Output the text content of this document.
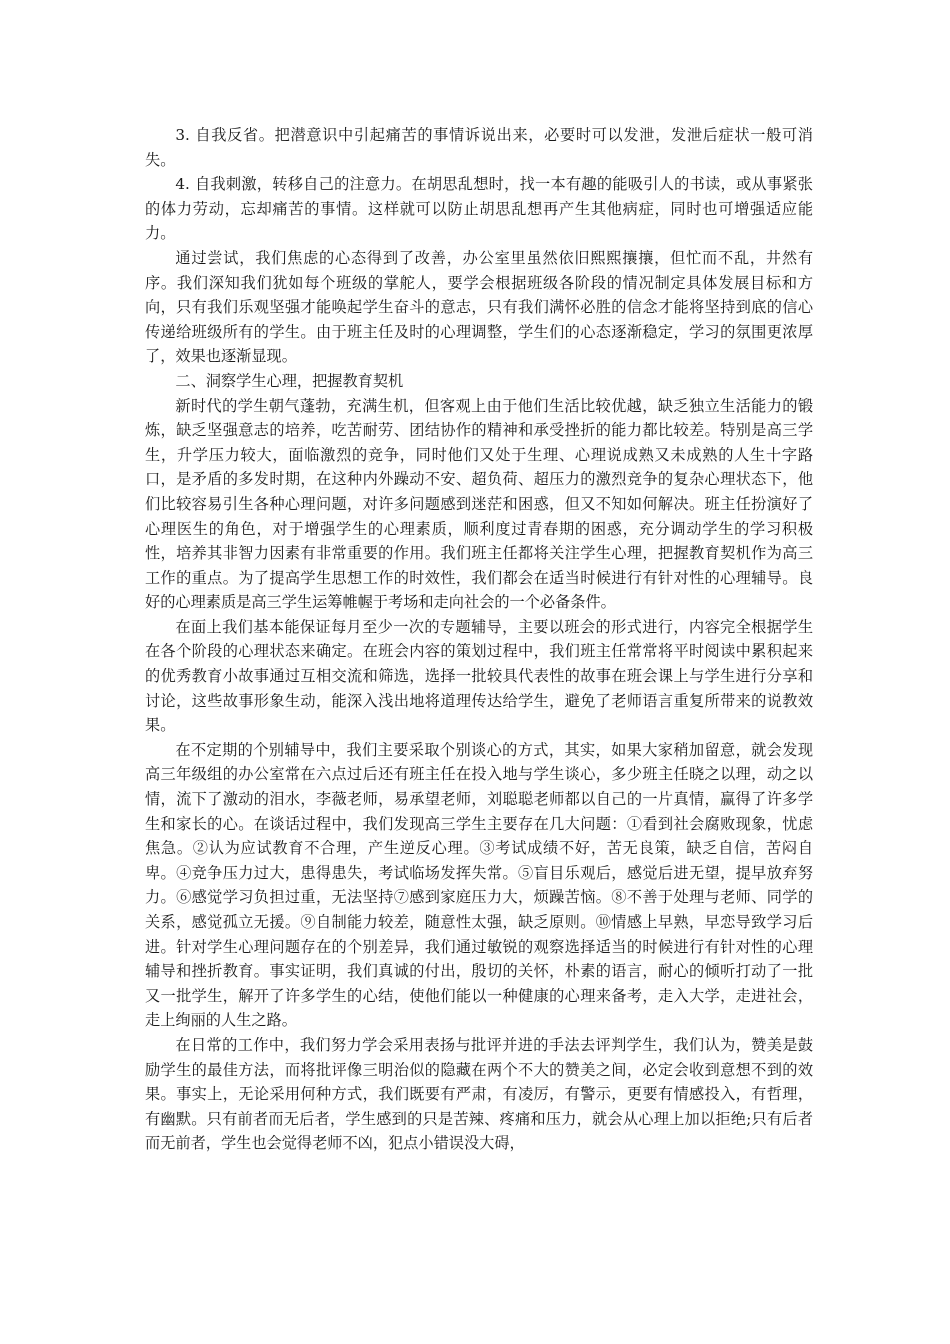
3. 自我反省。把潜意识中引起痛苦的事情诉说出来，必要时可以发泄，发泄后症状一般可消失。

4. 自我刺激，转移自己的注意力。在胡思乱想时，找一本有趣的能吸引人的书读，或从事紧张的体力劳动，忘却痛苦的事情。这样就可以防止胡思乱想再产生其他病症，同时也可增强适应能力。

通过尝试，我们焦虑的心态得到了改善，办公室里虽然依旧熙熙攘攘，但忙而不乱，井然有序。我们深知我们犹如每个班级的掌舵人，要学会根据班级各阶段的情况制定具体发展目标和方向，只有我们乐观坚强才能唤起学生奋斗的意志，只有我们满怀必胜的信念才能将坚持到底的信心传递给班级所有的学生。由于班主任及时的心理调整，学生们的心态逐渐稳定，学习的氛围更浓厚了，效果也逐渐显现。

二、洞察学生心理，把握教育契机

新时代的学生朝气蓬勃，充满生机，但客观上由于他们生活比较优越，缺乏独立生活能力的锻炼，缺乏坚强意志的培养，吃苦耐劳、团结协作的精神和承受挫折的能力都比较差。特别是高三学生，升学压力较大，面临激烈的竞争，同时他们又处于生理、心理说成熟又未成熟的人生十字路口，是矛盾的多发时期，在这种内外躁动不安、超负荷、超压力的激烈竞争的复杂心理状态下，他们比较容易引生各种心理问题，对许多问题感到迷茫和困惑，但又不知如何解决。班主任扮演好了心理医生的角色，对于增强学生的心理素质，顺利度过青春期的困惑，充分调动学生的学习积极性，培养其非智力因素有非常重要的作用。我们班主任都将关注学生心理，把握教育契机作为高三工作的重点。为了提高学生思想工作的时效性，我们都会在适当时候进行有针对性的心理辅导。良好的心理素质是高三学生运筹帷幄于考场和走向社会的一个必备条件。

在面上我们基本能保证每月至少一次的专题辅导，主要以班会的形式进行，内容完全根据学生在各个阶段的心理状态来确定。在班会内容的策划过程中，我们班主任常常将平时阅读中累积起来的优秀教育小故事通过互相交流和筛选，选择一批较具代表性的故事在班会课上与学生进行分享和讨论，这些故事形象生动，能深入浅出地将道理传达给学生，避免了老师语言重复所带来的说教效果。

在不定期的个别辅导中，我们主要采取个别谈心的方式，其实，如果大家稍加留意，就会发现高三年级组的办公室常在六点过后还有班主任在投入地与学生谈心，多少班主任晓之以理，动之以情，流下了激动的泪水，李薇老师，易承望老师，刘聪聪老师都以自己的一片真情，赢得了许多学生和家长的心。在谈话过程中，我们发现高三学生主要存在几大问题：①看到社会腐败现象，忧虑焦急。②认为应试教育不合理，产生逆反心理。③考试成绩不好，苦无良策，缺乏自信，苦闷自卑。④竞争压力过大，患得患失，考试临场发挥失常。⑤盲目乐观后，感觉后进无望，提早放弃努力。⑥感觉学习负担过重，无法坚持⑦感到家庭压力大，烦躁苦恼。⑧不善于处理与老师、同学的关系，感觉孤立无援。⑨自制能力较差，随意性太强，缺乏原则。⑩情感上早熟，早恋导致学习后进。针对学生心理问题存在的个别差异，我们通过敏锐的观察选择适当的时候进行有针对性的心理辅导和挫折教育。事实证明，我们真诚的付出，殷切的关怀，朴素的语言，耐心的倾听打动了一批又一批学生，解开了许多学生的心结，使他们能以一种健康的心理来备考，走入大学，走进社会，走上绚丽的人生之路。

在日常的工作中，我们努力学会采用表扬与批评并进的手法去评判学生，我们认为，赞美是鼓励学生的最佳方法，而将批评像三明治似的隐藏在两个不大的赞美之间，必定会收到意想不到的效果。事实上，无论采用何种方式，我们既要有严肃，有凌厉，有警示，更要有情感投入，有哲理，有幽默。只有前者而无后者，学生感到的只是苦辣、疼痛和压力，就会从心理上加以拒绝;只有后者而无前者，学生也会觉得老师不凶，犯点小错误没大碍，
